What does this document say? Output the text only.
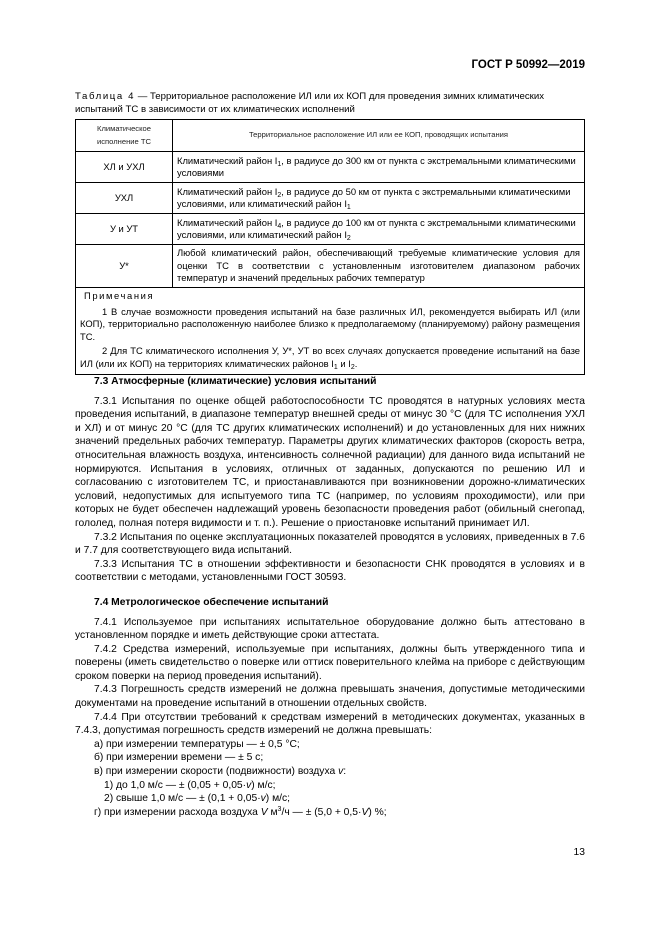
ГОСТ Р 50992—2019
Таблица 4 — Территориальное расположение ИЛ или их КОП для проведения зимних климатических испытаний ТС в зависимости от их климатических исполнений
Климатическое исполнение ТС	Территориальное расположение ИЛ или ее КОП, проводящих испытания
ХЛ и УХЛ	Климатический район $I_1$, в радиусе до 300 км от пункта с экстремальными климатическими условиями
УХЛ	Климатический район $I_2$, в радиусе до 50 км от пункта с экстремальными климатическими условиями, или климатический район $I_1$
У и УТ	Климатический район $I_4$, в радиусе до 100 км от пункта с экстремальными климатическими условиями, или климатический район $I_2$
У*	Любой климатический район, обеспечивающий требуемые климатические условия для оценки ТС в соответствии с установленным изготовителем диапазоном рабочих температур и значений предельных рабочих температур

Примечания

1 В случае возможности проведения испытаний на базе различных ИЛ, рекомендуется выбирать ИЛ (или КОП), территориально расположенную наиболее близко к предполагаемому (планируемому) району размещения ТС.

2 Для ТС климатического исполнения У, У*, УТ во всех случаях допускается проведение испытаний на базе ИЛ (или их КОП) на территориях климатических районов $I_1$ и $I_2$.	

7.3 Атмосферные (климатические) условия испытаний

7.3.1 Испытания по оценке общей работоспособности ТС проводятся в натурных условиях места проведения испытаний, в диапазоне температур внешней среды от минус 30 °С (для ТС исполнения УХЛ и ХЛ) и от минус 20 °С (для ТС других климатических исполнений) и до установленных для них нижних значений предельных рабочих температур. Параметры других климатических факторов (скорость ветра, относительная влажность воздуха, интенсивность солнечной радиации) для данного вида испытаний не нормируются. Испытания в условиях, отличных от заданных, допускаются по решению ИЛ и согласованию с изготовителем ТС, и приостанавливаются при возникновении дорожно-климатических условий, недопустимых для испытуемого типа ТС (например, по условиям проходимости), или при которых не будет обеспечен надлежащий уровень безопасности проведения работ (обильный снегопад, гололед, полная потеря видимости и т. п.). Решение о приостановке испытаний принимает ИЛ.

7.3.2 Испытания по оценке эксплуатационных показателей проводятся в условиях, приведенных в 7.6 и 7.7 для соответствующего вида испытаний.

7.3.3 Испытания ТС в отношении эффективности и безопасности СНК проводятся в условиях и в соответствии с методами, установленными ГОСТ 30593.

7.4 Метрологическое обеспечение испытаний

7.4.1 Используемое при испытаниях испытательное оборудование должно быть аттестовано в установленном порядке и иметь действующие сроки аттестата.

7.4.2 Средства измерений, используемые при испытаниях, должны быть утвержденного типа и поверены (иметь свидетельство о поверке или оттиск поверительного клейма на приборе с действующим сроком поверки на период проведения испытаний).

7.4.3 Погрешность средств измерений не должна превышать значения, допустимые методическими документами на проведение испытаний в отношении отдельных свойств.

7.4.4 При отсутствии требований к средствам измерений в методических документах, указанных в 7.4.3, допустимая погрешность средств измерений не должна превышать:

а) при измерении температуры — ± 0,5 °С;

б) при измерении времени — ± 5 с;

в) при измерении скорости (подвижности) воздуха v:

1) до 1,0 м/с — ± (0,05 + 0,05·v) м/с;

2) свыше 1,0 м/с — ± (0,1 + 0,05·v) м/с;

г) при измерении расхода воздуха V $м^3/ч$ — ± (5,0 + 0,5·V) %;

13
